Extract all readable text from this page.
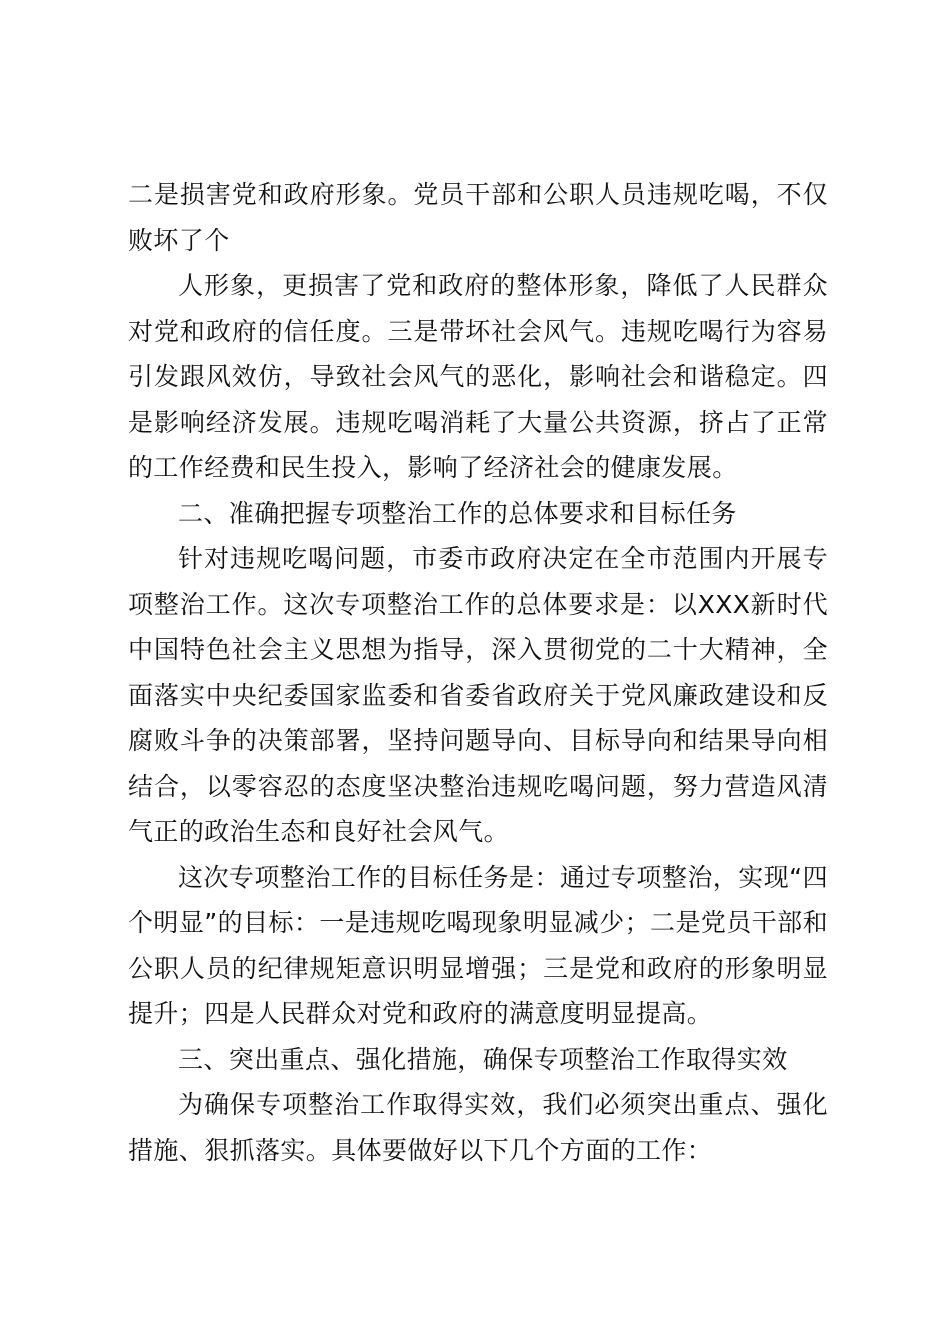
二是损害党和政府形象。党员干部和公职人员违规吃喝，不仅败坏了个

人形象，更损害了党和政府的整体形象，降低了人民群众对党和政府的信任度。三是带坏社会风气。违规吃喝行为容易引发跟风效仿，导致社会风气的恶化，影响社会和谐稳定。四是影响经济发展。违规吃喝消耗了大量公共资源，挤占了正常的工作经费和民生投入，影响了经济社会的健康发展。

二、准确把握专项整治工作的总体要求和目标任务

针对违规吃喝问题，市委市政府决定在全市范围内开展专项整治工作。这次专项整治工作的总体要求是：以XXX新时代中国特色社会主义思想为指导，深入贯彻党的二十大精神，全面落实中央纪委国家监委和省委省政府关于党风廉政建设和反腐败斗争的决策部署，坚持问题导向、目标导向和结果导向相结合，以零容忍的态度坚决整治违规吃喝问题，努力营造风清气正的政治生态和良好社会风气。

这次专项整治工作的目标任务是：通过专项整治，实现“四个明显”的目标：一是违规吃喝现象明显减少；二是党员干部和公职人员的纪律规矩意识明显增强；三是党和政府的形象明显提升；四是人民群众对党和政府的满意度明显提高。

三、突出重点、强化措施，确保专项整治工作取得实效

为确保专项整治工作取得实效，我们必须突出重点、强化措施、狠抓落实。具体要做好以下几个方面的工作：
